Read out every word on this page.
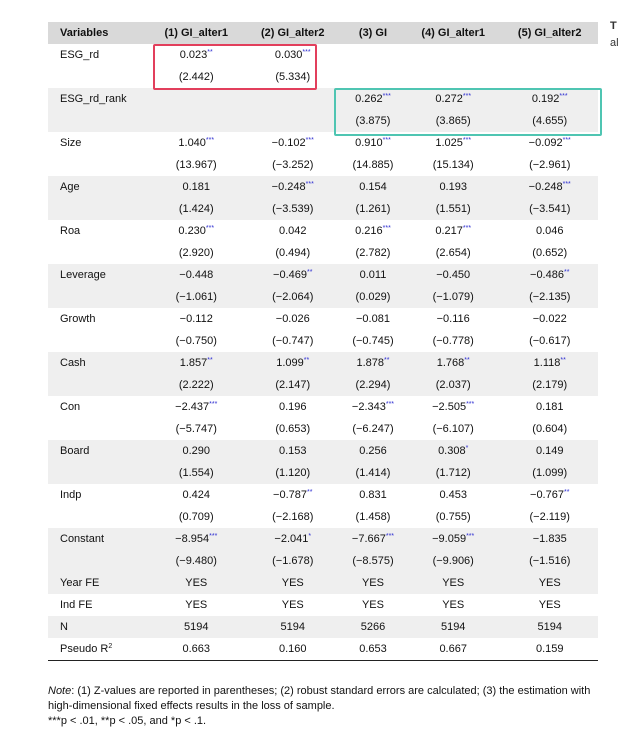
T
al
Variables	(1) GI_alter1	(2) GI_alter2	(3) GI	(4) GI_alter1	(5) GI_alter2
ESG_rd	0.023**	0.030***			
	(2.442)	(5.334)			
ESG_rd_rank			0.262***	0.272***	0.192***
			(3.875)	(3.865)	(4.655)
Size	1.040***	−0.102***	0.910***	1.025***	−0.092***
	(13.967)	(−3.252)	(14.885)	(15.134)	(−2.961)
Age	0.181	−0.248***	0.154	0.193	−0.248***
	(1.424)	(−3.539)	(1.261)	(1.551)	(−3.541)
Roa	0.230***	0.042	0.216***	0.217***	0.046
	(2.920)	(0.494)	(2.782)	(2.654)	(0.652)
Leverage	−0.448	−0.469**	0.011	−0.450	−0.486**
	(−1.061)	(−2.064)	(0.029)	(−1.079)	(−2.135)
Growth	−0.112	−0.026	−0.081	−0.116	−0.022
	(−0.750)	(−0.747)	(−0.745)	(−0.778)	(−0.617)
Cash	1.857**	1.099**	1.878**	1.768**	1.118**
	(2.222)	(2.147)	(2.294)	(2.037)	(2.179)
Con	−2.437***	0.196	−2.343***	−2.505***	0.181
	(−5.747)	(0.653)	(−6.247)	(−6.107)	(0.604)
Board	0.290	0.153	0.256	0.308*	0.149
	(1.554)	(1.120)	(1.414)	(1.712)	(1.099)
Indp	0.424	−0.787**	0.831	0.453	−0.767**
	(0.709)	(−2.168)	(1.458)	(0.755)	(−2.119)
Constant	−8.954***	−2.041*	−7.667***	−9.059***	−1.835
	(−9.480)	(−1.678)	(−8.575)	(−9.906)	(−1.516)
Year FE	YES	YES	YES	YES	YES
Ind FE	YES	YES	YES	YES	YES
N	5194	5194	5266	5194	5194
Pseudo $R^2$	0.663	0.160	0.653	0.667	0.159
Note: (1) Z-values are reported in parentheses; (2) robust standard errors are calculated; (3) the estimation with high-dimensional fixed effects results in the loss of sample.
***p < .01, **p < .05, and *p < .1.
